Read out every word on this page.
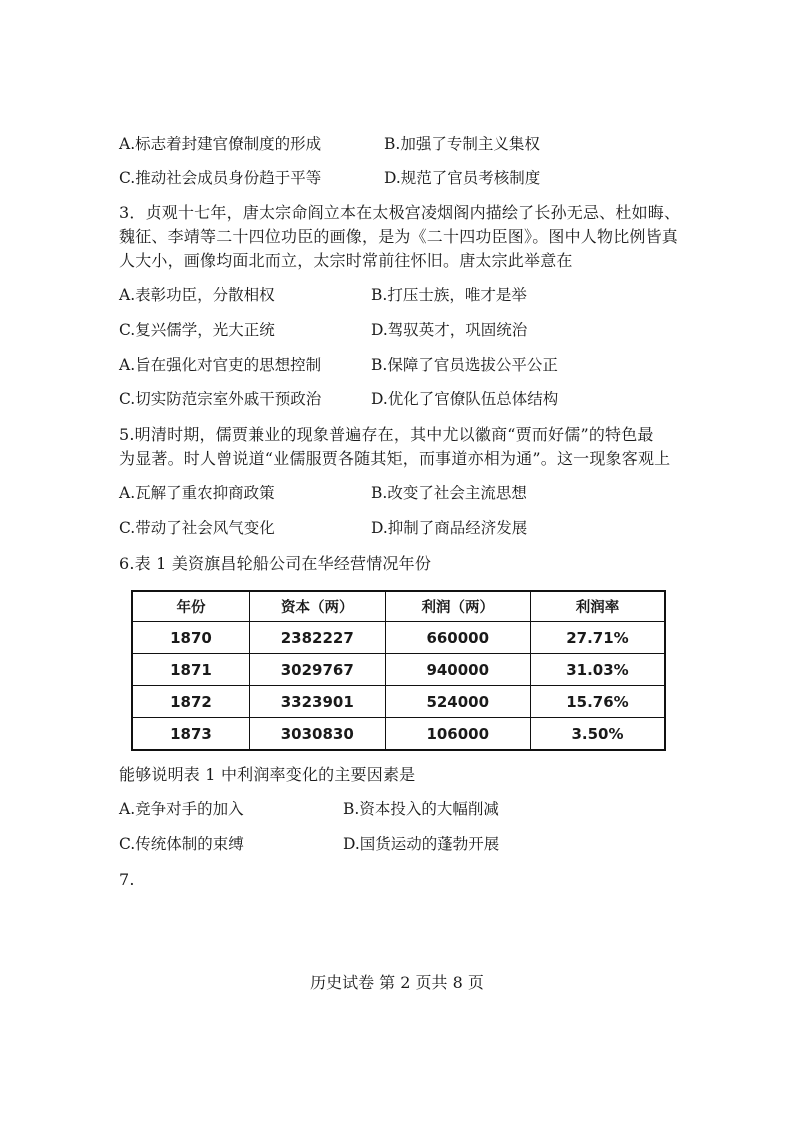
A.标志着封建官僚制度的形成	B.加强了专制主义集权
C.推动社会成员身份趋于平等	D.规范了官员考核制度
3．贞观十七年，唐太宗命阎立本在太极宫凌烟阁内描绘了长孙无忌、杜如晦、
魏征、李靖等二十四位功臣的画像，是为《二十四功臣图》。图中人物比例皆真
人大小，画像均面北而立，太宗时常前往怀旧。唐太宗此举意在
A.表彰功臣，分散相权	B.打压士族，唯才是举
C.复兴儒学，光大正统	D.驾驭英才，巩固统治
A.旨在强化对官吏的思想控制	B.保障了官员选拔公平公正
C.切实防范宗室外戚干预政治	D.优化了官僚队伍总体结构
5.明清时期，儒贾兼业的现象普遍存在，其中尤以徽商“贾而好儒”的特色最
为显著。时人曾说道“业儒服贾各随其矩，而事道亦相为通”。这一现象客观上
A.瓦解了重农抑商政策	B.改变了社会主流思想
C.带动了社会风气变化	D.抑制了商品经济发展
6.表 1 美资旗昌轮船公司在华经营情况年份
年份	资本（两）	利润（两）	利润率
1870	2382227	660000	27.71%
1871	3029767	940000	31.03%
1872	3323901	524000	15.76%
1873	3030830	106000	3.50%
能够说明表 1 中利润率变化的主要因素是
A.竞争对手的加入	B.资本投入的大幅削减
C.传统体制的束缚	D.国货运动的蓬勃开展
7.
历史试卷 第 2 页共 8 页
